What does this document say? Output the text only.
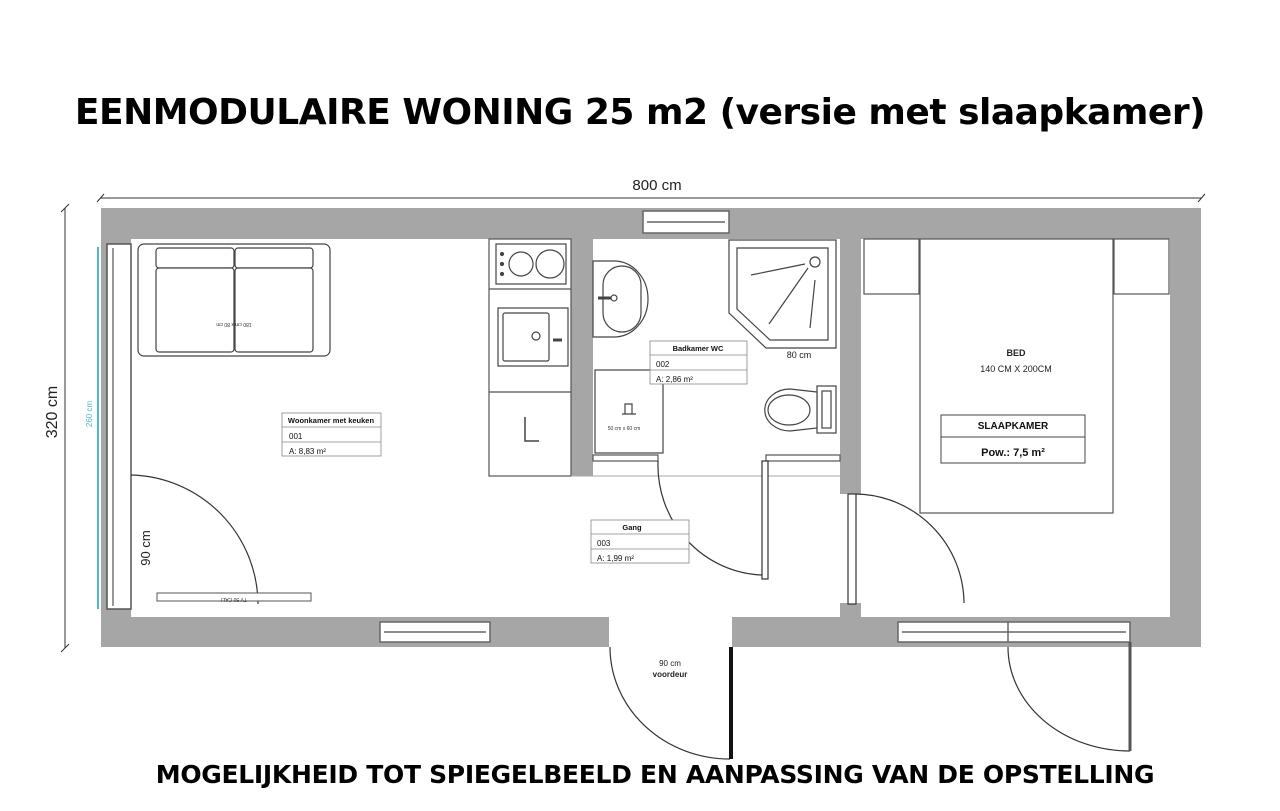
EENMODULAIRE WONING 25 m2 (versie met slaapkamer)
800 cm
320 cm	260 cm
90 cm
TV 50 CALI
180 cm x 80 cm
80 cm
50 cm x 60 cm
90 cm
voordeur
BED
140 CM X 200CM
SLAAPKAMER
Pow.: 7,5 m²
Woonkamer met keuken
001
A: 8,83 m²
Badkamer WC
002
A: 2,86 m²
Gang
003
A: 1,99 m²
MOGELIJKHEID TOT SPIEGELBEELD EN AANPASSING VAN DE OPSTELLING
